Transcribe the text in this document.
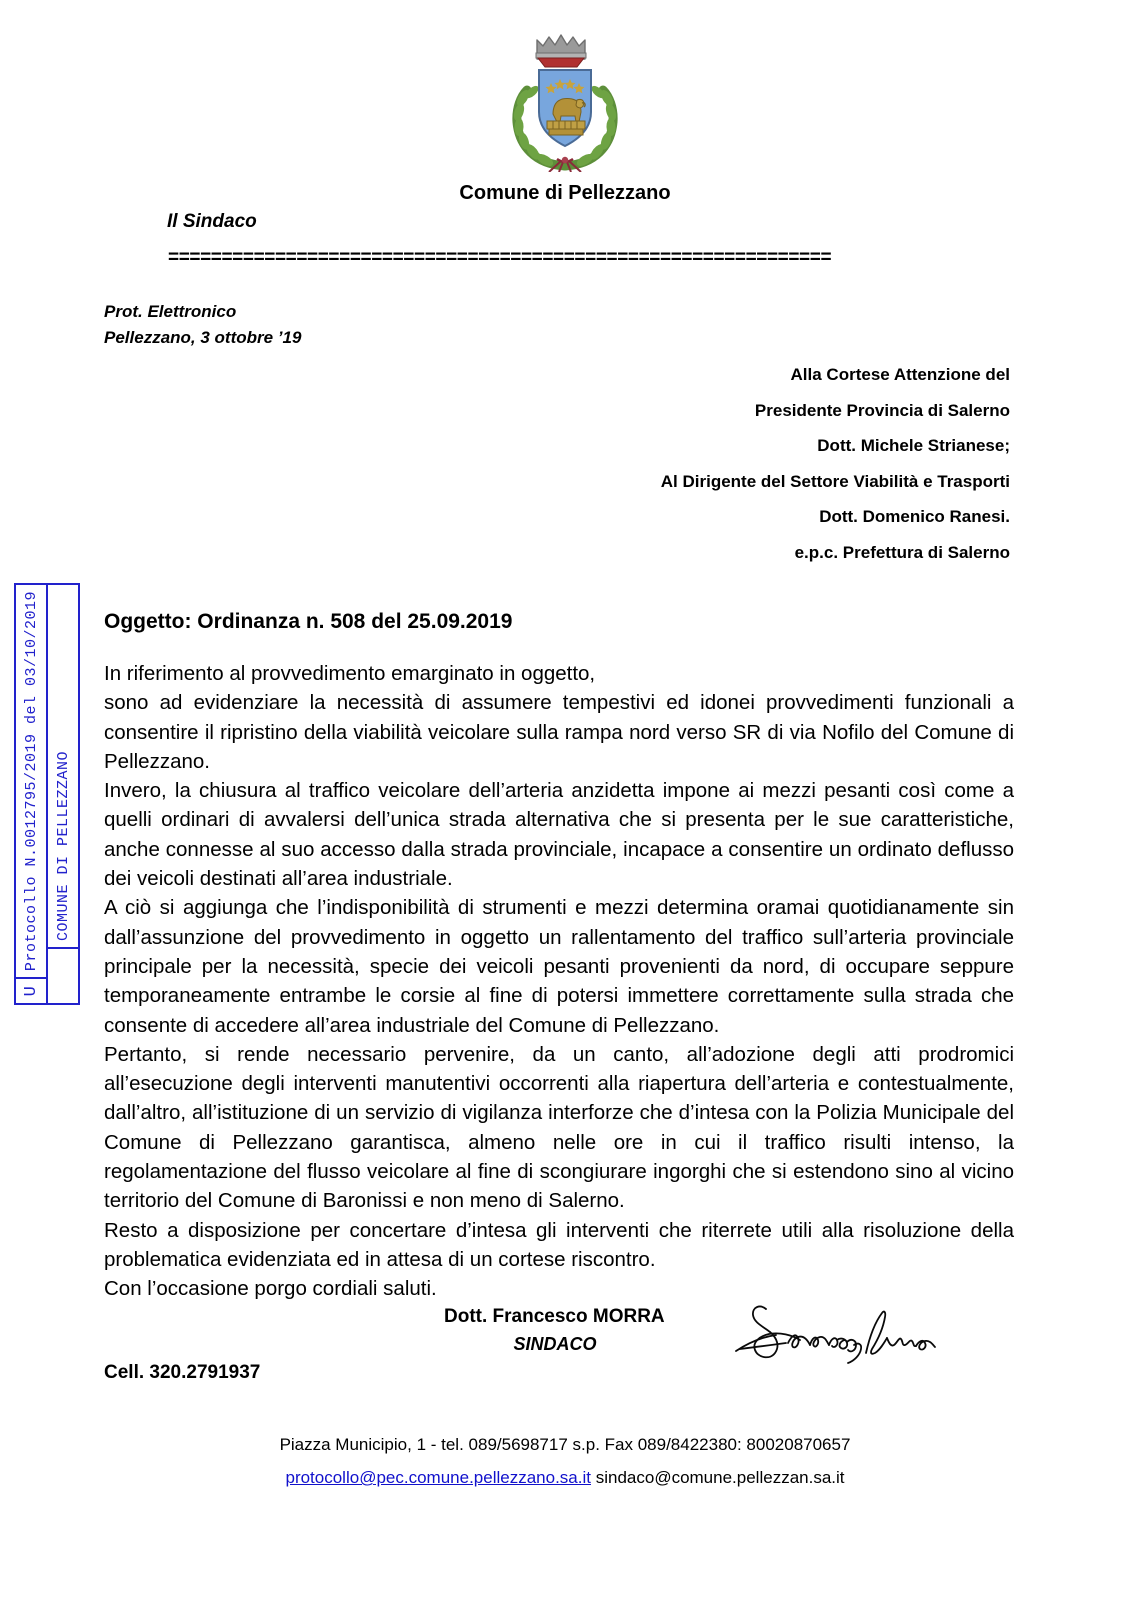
Comune di Pellezzano
Il Sindaco
==============================================================
Prot. Elettronico
Pellezzano, 3 ottobre ’19
Alla Cortese Attenzione del
Presidente Provincia di Salerno
Dott. Michele Strianese;
Al Dirigente del Settore Viabilità e Trasporti
Dott. Domenico Ranesi.
e.p.c. Prefettura di Salerno
U
Protocollo N.0012795/2019 del 03/10/2019	COMUNE DI PELLEZZANO
Oggetto: Ordinanza n. 508 del 25.09.2019

In riferimento al provvedimento emarginato in oggetto,

sono ad evidenziare la necessità di assumere tempestivi ed idonei provvedimenti funzionali a consentire il ripristino della viabilità veicolare sulla rampa nord verso SR di via Nofilo del Comune di Pellezzano.

Invero, la chiusura al traffico veicolare dell’arteria anzidetta impone ai mezzi pesanti così come a quelli ordinari di avvalersi dell’unica strada alternativa che si presenta per le sue caratteristiche, anche connesse al suo accesso dalla strada provinciale, incapace a consentire un ordinato deflusso dei veicoli destinati all’area industriale.

A ciò si aggiunga che l’indisponibilità di strumenti e mezzi determina oramai quotidianamente sin dall’assunzione del provvedimento in oggetto un rallentamento del traffico sull’arteria provinciale principale per la necessità, specie dei veicoli pesanti provenienti da nord, di occupare seppure temporaneamente entrambe le corsie al fine di potersi immettere correttamente sulla strada che consente di accedere all’area industriale del Comune di Pellezzano.

Pertanto, si rende necessario pervenire, da un canto, all’adozione degli atti prodromici all’esecuzione degli interventi manutentivi occorrenti alla riapertura dell’arteria e contestualmente, dall’altro, all’istituzione di un servizio di vigilanza interforze che d’intesa con la Polizia Municipale del Comune di Pellezzano garantisca, almeno nelle ore in cui il traffico risulti intenso, la regolamentazione del flusso veicolare al fine di scongiurare ingorghi che si estendono sino al vicino territorio del Comune di Baronissi e non meno di Salerno.

Resto a disposizione per concertare d’intesa gli interventi che riterrete utili alla risoluzione della problematica evidenziata ed in attesa di un cortese riscontro.

Con l’occasione porgo cordiali saluti.

Dott. Francesco MORRA
SINDACO
Cell. 320.2791937
Piazza Municipio, 1 - tel. 089/5698717 s.p. Fax 089/8422380: 80020870657
protocollo@pec.comune.pellezzano.sa.it sindaco@comune.pellezzan.sa.it
